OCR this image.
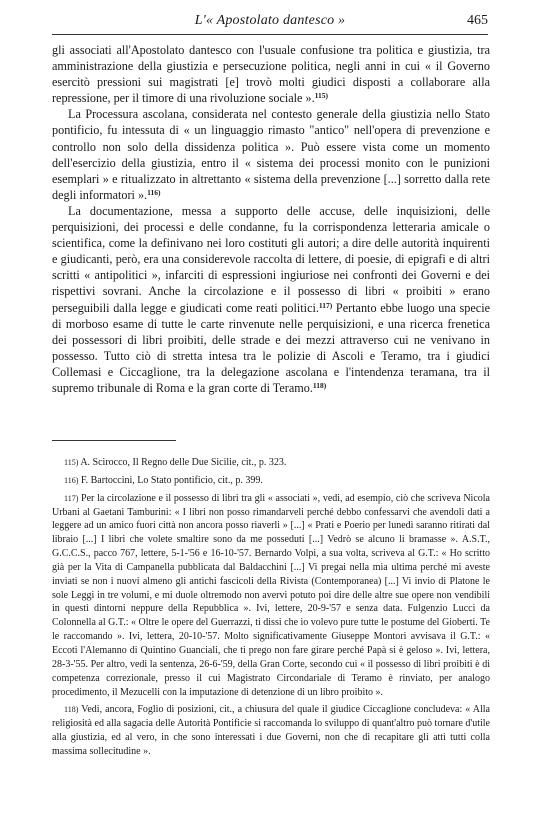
L'« Apostolato dantesco »	465

gli associati all'Apostolato dantesco con l'usuale confusione tra politica e giustizia, tra amministrazione della giustizia e persecuzione politica, negli anni in cui « il Governo esercitò pressioni sui magistrati [e] trovò molti giudici disposti a collaborare alla repressione, per il timore di una rivoluzione sociale ».$^{115)}$

La Processura ascolana, considerata nel contesto generale della giustizia nello Stato pontificio, fu intessuta di « un linguaggio rimasto "antico" nell'opera di prevenzione e controllo non solo della dissidenza politica ». Può essere vista come un momento dell'esercizio della giustizia, entro il « sistema dei processi monito con le punizioni esemplari » e ritualizzato in altrettanto « sistema della prevenzione [...] sorretto dalla rete degli informatori ».$^{116)}$

La documentazione, messa a supporto delle accuse, delle inquisizioni, delle perquisizioni, dei processi e delle condanne, fu la corrispondenza letteraria amicale o scientifica, come la definivano nei loro costituti gli autori; a dire delle autorità inquirenti e giudicanti, però, era una considerevole raccolta di lettere, di poesie, di epigrafi e di altri scritti « antipolitici », infarciti di espressioni ingiuriose nei confronti dei Governi e dei rispettivi sovrani. Anche la circolazione e il possesso di libri « proibiti » erano perseguibili dalla legge e giudicati come reati politici.$^{117)}$ Pertanto ebbe luogo una specie di morboso esame di tutte le carte rinvenute nelle perquisizioni, e una ricerca frenetica dei possessori di libri proibiti, delle strade e dei mezzi attraverso cui ne venivano in possesso. Tutto ciò di stretta intesa tra le polizie di Ascoli e Teramo, tra i giudici Collemasi e Ciccaglione, tra la delegazione ascolana e l'intendenza teramana, tra il supremo tribunale di Roma e la gran corte di Teramo.$^{118)}$

115) A. Scirocco, Il Regno delle Due Sicilie, cit., p. 323.

116) F. Bartoccini, Lo Stato pontificio, cit., p. 399.

117) Per la circolazione e il possesso di libri tra gli « associati », vedi, ad esempio, ciò che scriveva Nicola Urbani al Gaetani Tamburini: « I libri non posso rimandarveli perché debbo confessarvi che avendoli dati a leggere ad un amico fuori città non ancora posso riaverli » [...] « Prati e Poerio per lunedì saranno ritirati dal libraio [...] I libri che volete smaltire sono da me posseduti [...] Vedrò se alcuno li bramasse ». A.S.T., G.C.C.S., pacco 767, lettere, 5-1-'56 e 16-10-'57. Bernardo Volpi, a sua volta, scriveva al G.T.: « Ho scritto già per la Vita di Campanella pubblicata dal Baldacchini [...] Vi pregai nella mia ultima perché mi aveste inviati se non i nuovi almeno gli antichi fascicoli della Rivista (Contemporanea) [...] Vi invio di Platone le sole Leggi in tre volumi, e mi duole oltremodo non avervi potuto poi dire delle altre sue opere non vendibili in questi dintorni neppure della Repubblica ». Ivi, lettere, 20-9-'57 e senza data. Fulgenzio Lucci da Colonnella al G.T.: « Oltre le opere del Guerrazzi, ti dissi che io volevo pure tutte le postume del Gioberti. Te le raccomando ». Ivi, lettera, 20-10-'57. Molto significativamente Giuseppe Montori avvisava il G.T.: « Eccoti l'Alemanno di Quintino Guanciali, che ti prego non fare girare perché Papà si è geloso ». Ivi, lettera, 28-3-'55. Per altro, vedi la sentenza, 26-6-'59, della Gran Corte, secondo cui « il possesso di libri proibiti è di competenza correzionale, presso il cui Magistrato Circondariale di Teramo è rinviato, per analogo procedimento, il Mezucelli con la imputazione di detenzione di un libro proibito ».

118) Vedi, ancora, Foglio di posizioni, cit., a chiusura del quale il giudice Ciccaglione concludeva: « Alla religiosità ed alla sagacia delle Autorità Pontificie si raccomanda lo sviluppo di quant'altro può tornare d'utile alla giustizia, ed al vero, in che sono interessati i due Governi, non che di recapitare gli atti tutti colla massima sollecitudine ».
